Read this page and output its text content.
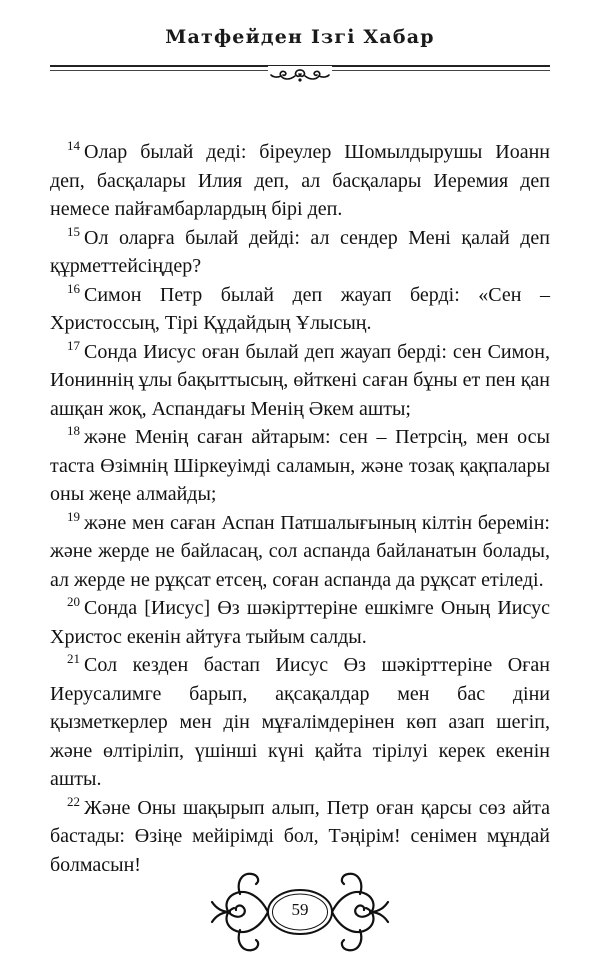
Матфейден Ізгі Хабар

$^{14}$ Олар былай деді: біреулер Шомылдырушы Иоанн деп, басқалары Илия деп, ал басқалары Иеремия деп немесе пайғамбарлардың бірі деп.

$^{15}$ Ол оларға былай дейді: ал сендер Мені қалай деп құрметтейсіңдер?

$^{16}$ Симон Петр былай деп жауап берді: «Сен – Христоссың, Тірі Құдайдың Ұлысың.

$^{17}$ Сонда Иисус оған былай деп жауап берді: сен Симон, Иониннің ұлы бақыттысың, өйткені саған бұны ет пен қан ашқан жоқ, Аспандағы Менің Әкем ашты;

$^{18}$ және Менің саған айтарым: сен – Петрсің, мен осы таста Өзімнің Шіркеуімді саламын, және тозақ қақпалары оны жеңе алмайды;

$^{19}$ және мен саған Аспан Патшалығының кілтін беремін: және жерде не байласаң, сол аспанда байланатын болады, ал жерде не рұқсат етсең, соған аспанда да рұқсат етіледі.

$^{20}$ Сонда [Иисус] Өз шәкірттеріне ешкімге Оның Иисус Христос екенін айтуға тыйым салды.

$^{21}$ Сол кезден бастап Иисус Өз шәкірттеріне Оған Иерусалимге барып, ақсақалдар мен бас діни қызметкерлер мен дін мұғалімдерінен көп азап шегіп, және өлтіріліп, үшінші күні қайта тірілуі керек екенін ашты.

$^{22}$ Және Оны шақырып алып, Петр оған қарсы сөз айта бастады: Өзіңе мейірімді бол, Тәңірім! сенімен мұндай болмасын!

59
